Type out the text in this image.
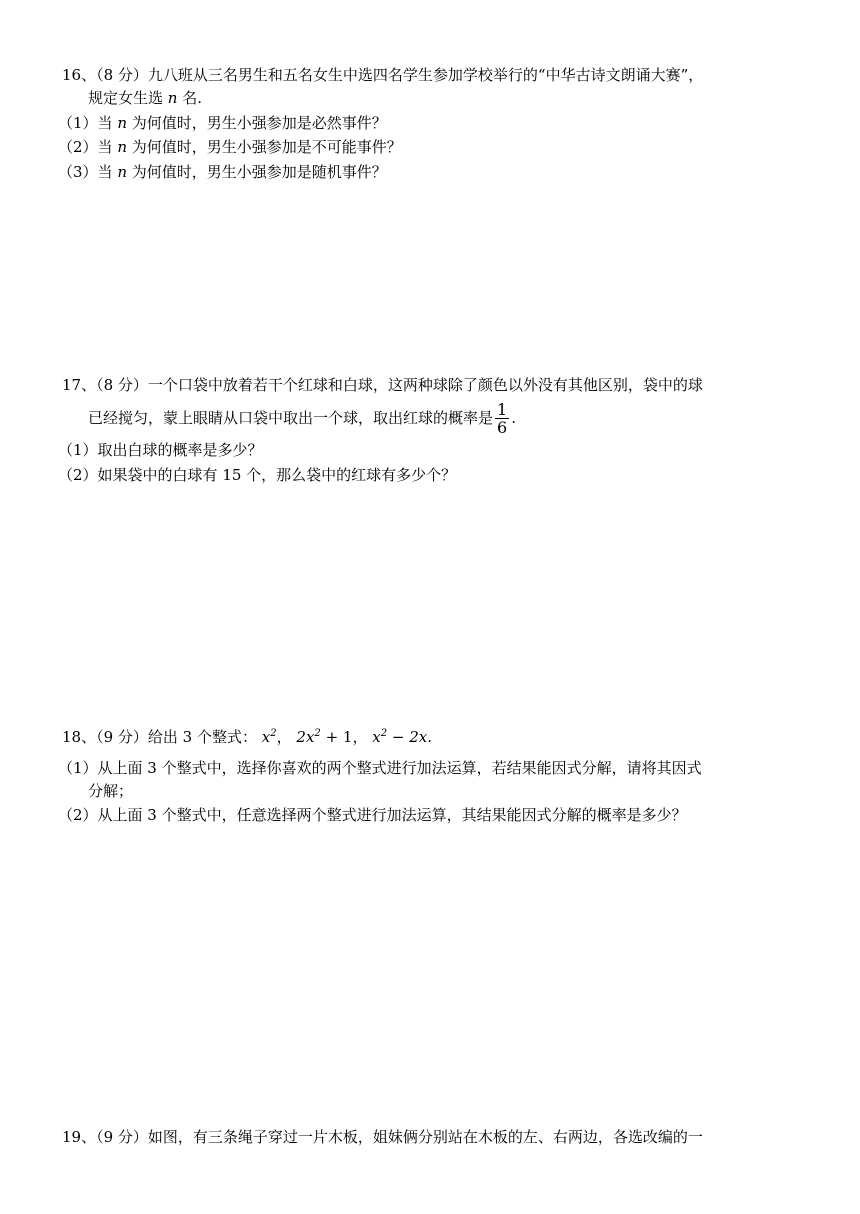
16、（8 分）九八班从三名男生和五名女生中选四名学生参加学校举行的“中华古诗文朗诵大赛”，
规定女生选 n 名.
（1）当 n 为何值时，男生小强参加是必然事件？
（2）当 n 为何值时，男生小强参加是不可能事件？
（3）当 n 为何值时，男生小强参加是随机事件？
17、（8 分）一个口袋中放着若干个红球和白球，这两种球除了颜色以外没有其他区别，袋中的球
已经搅匀，蒙上眼睛从口袋中取出一个球，取出红球的概率是 $\frac{1}{6}$ .
（1）取出白球的概率是多少？
（2）如果袋中的白球有 15 个，那么袋中的红球有多少个？
18、（9 分）给出 3 个整式： $x^2$， $2x^2 + 1$， $x^2 - 2x$.
（1）从上面 3 个整式中，选择你喜欢的两个整式进行加法运算，若结果能因式分解，请将其因式
分解；
（2）从上面 3 个整式中，任意选择两个整式进行加法运算，其结果能因式分解的概率是多少？
19、（9 分）如图，有三条绳子穿过一片木板，姐妹俩分别站在木板的左、右两边，各选改编的一
